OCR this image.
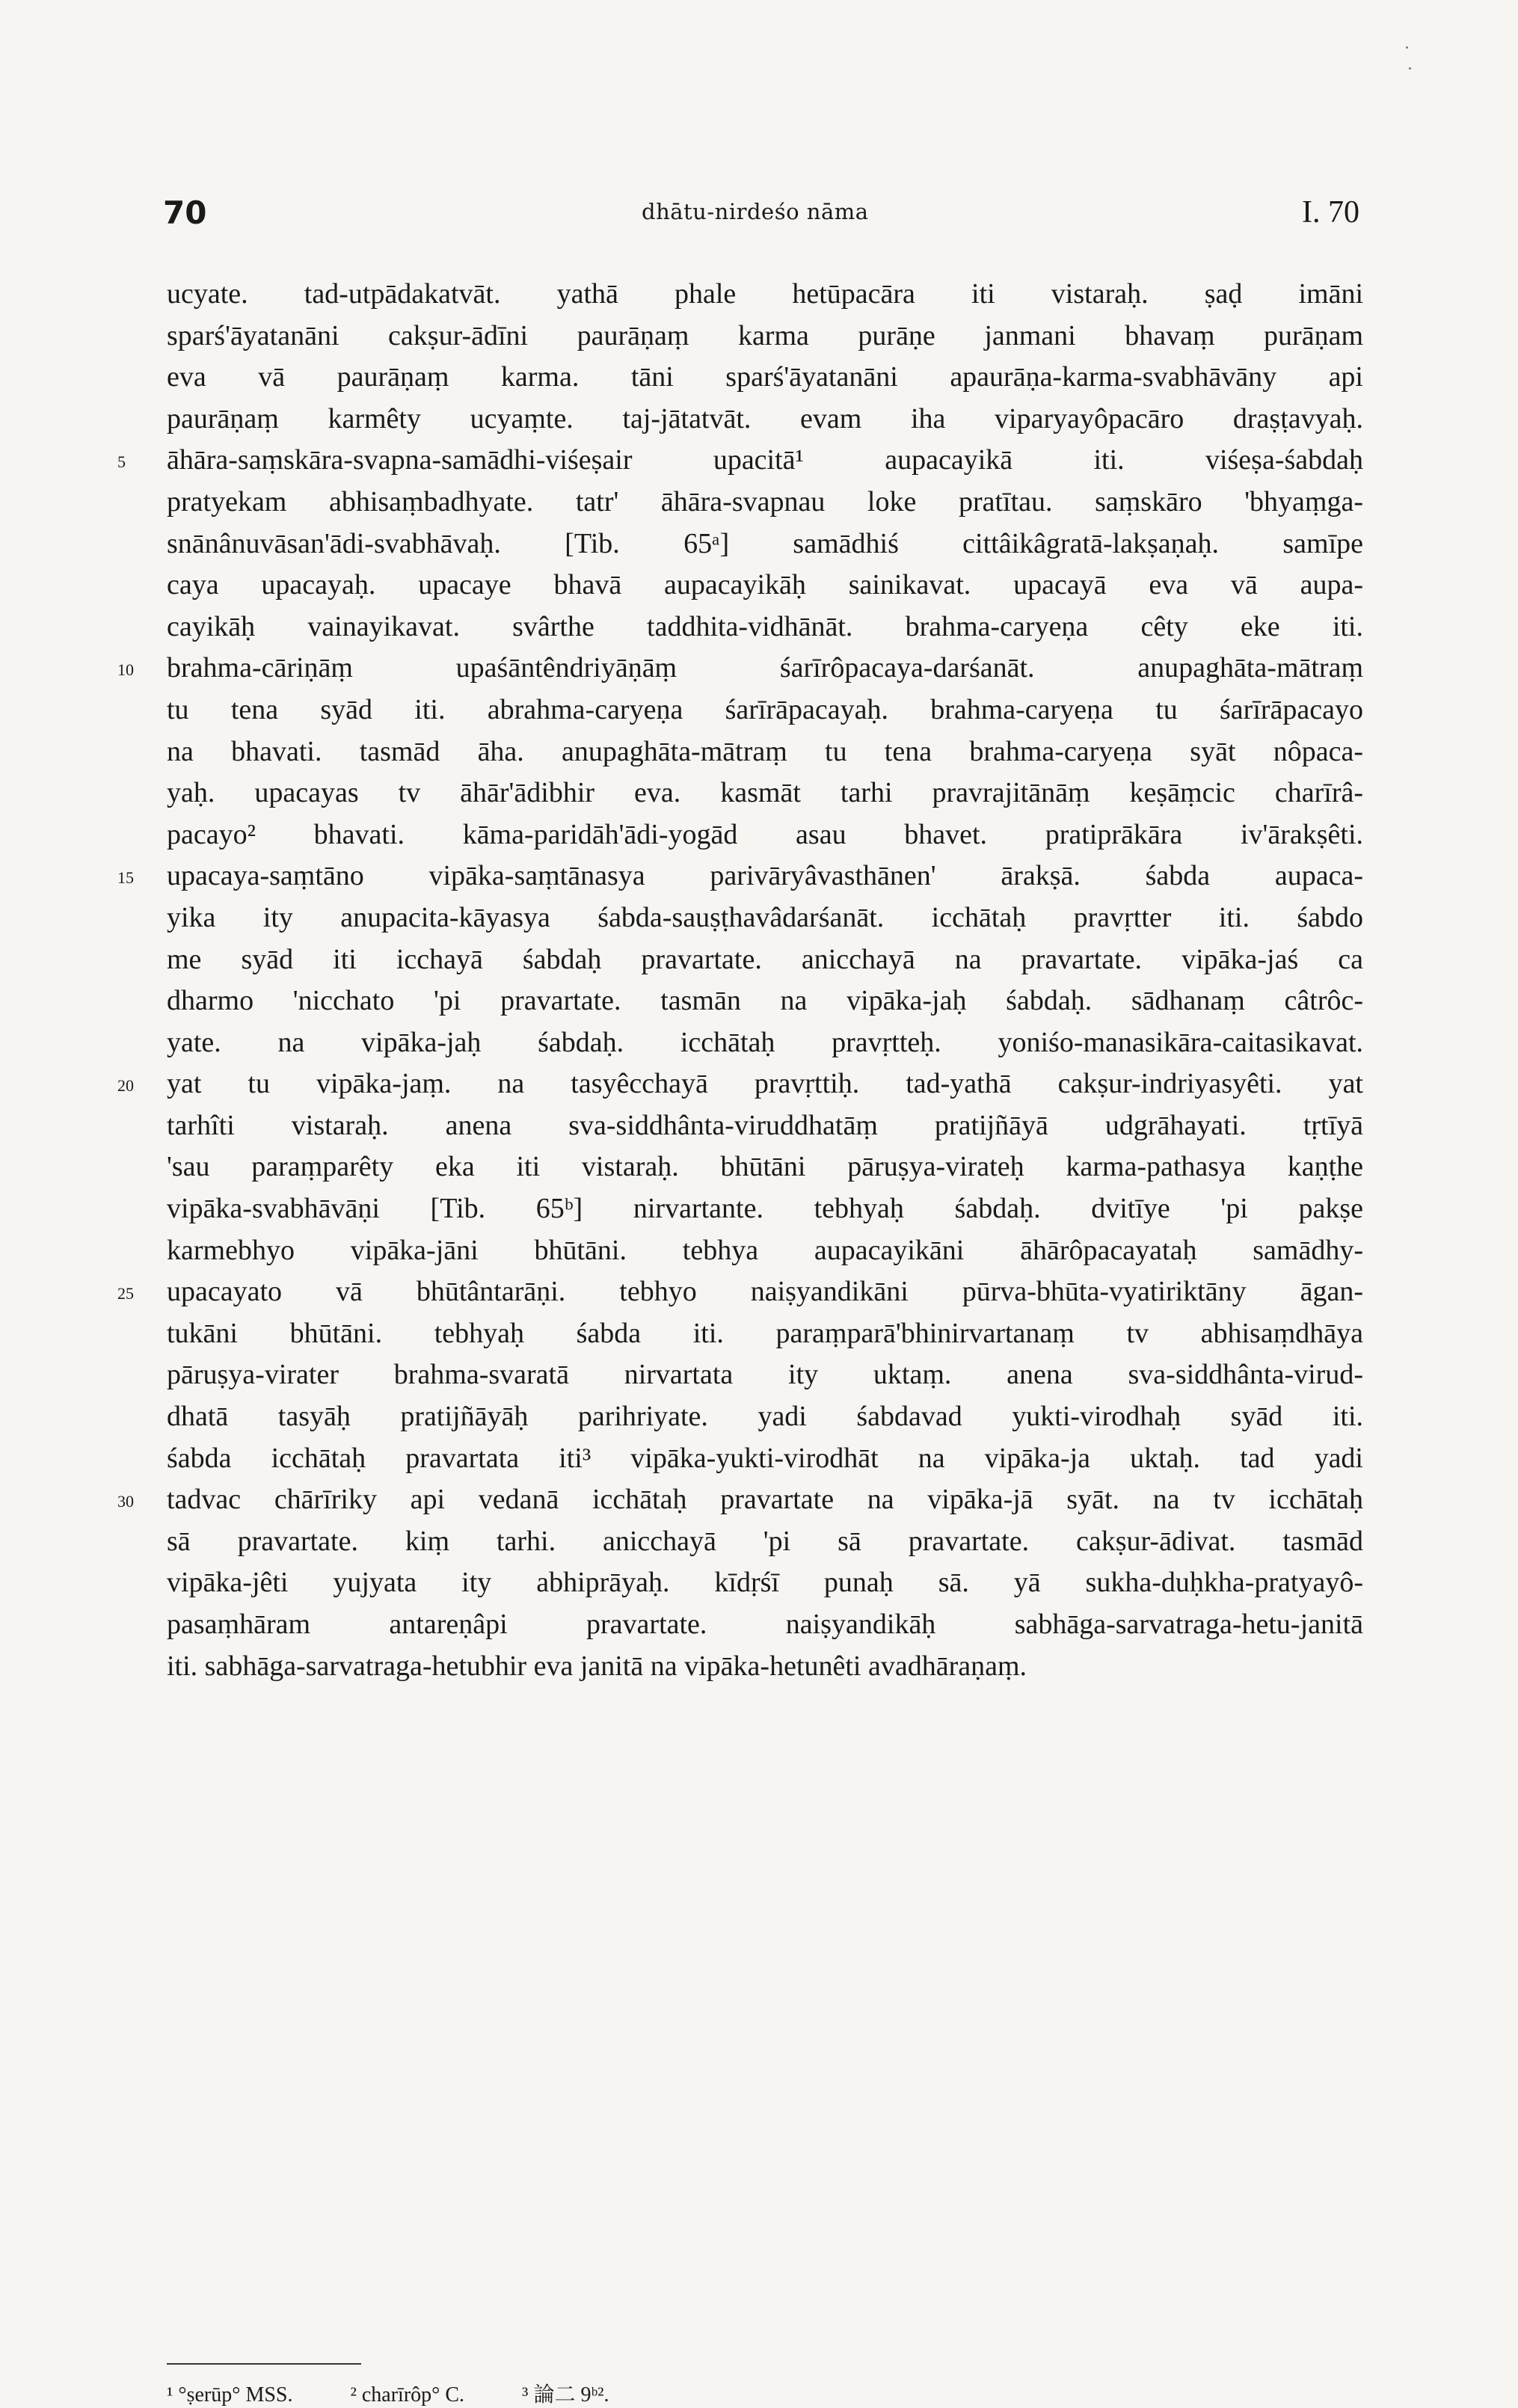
70	dhātu-nirdeśo nāma	I. 70
ucyate. tad-utpādakatvāt. yathā phale hetūpacāra iti vistaraḥ. ṣaḍ imāni
sparś'āyatanāni cakṣur-ādīni paurāṇaṃ karma purāṇe janmani bhavaṃ purāṇam
eva vā paurāṇaṃ karma. tāni sparś'āyatanāni apaurāṇa-karma-svabhāvāny api
paurāṇaṃ karmêty ucyaṃte. taj-jātatvāt. evam iha viparyayôpacāro draṣṭavyaḥ.
5	āhāra-saṃskāra-svapna-samādhi-viśeṣair upacitā¹ aupacayikā iti. viśeṣa-śabdaḥ
pratyekam abhisaṃbadhyate. tatr' āhāra-svapnau loke pratītau. saṃskāro 'bhyaṃga-
snānânuvāsan'ādi-svabhāvaḥ. [Tib. 65ᵃ] samādhiś cittâikâgratā-lakṣaṇaḥ. samīpe
caya upacayaḥ. upacaye bhavā aupacayikāḥ sainikavat. upacayā eva vā aupa-
cayikāḥ vainayikavat. svârthe taddhita-vidhānāt. brahma-caryeṇa cêty eke iti.
10	brahma-cāriṇāṃ upaśāntêndriyāṇāṃ śarīrôpacaya-darśanāt. anupaghāta-mātraṃ
tu tena syād iti. abrahma-caryeṇa śarīrāpacayaḥ. brahma-caryeṇa tu śarīrāpacayo
na bhavati. tasmād āha. anupaghāta-mātraṃ tu tena brahma-caryeṇa syāt nôpaca-
yaḥ. upacayas tv āhār'ādibhir eva. kasmāt tarhi pravrajitānāṃ keṣāṃcic charīrâ-
pacayo² bhavati. kāma-paridāh'ādi-yogād asau bhavet. pratiprākāra iv'ārakṣêti.
15	upacaya-saṃtāno vipāka-saṃtānasya parivāryâvasthānen' ārakṣā. śabda aupaca-
yika ity anupacita-kāyasya śabda-sauṣṭhavâdarśanāt. icchātaḥ pravṛtter iti. śabdo
me syād iti icchayā śabdaḥ pravartate. anicchayā na pravartate. vipāka-jaś ca
dharmo 'nicchato 'pi pravartate. tasmān na vipāka-jaḥ śabdaḥ. sādhanaṃ câtrôc-
yate. na vipāka-jaḥ śabdaḥ. icchātaḥ pravṛtteḥ. yoniśo-manasikāra-caitasikavat.
20	yat tu vipāka-jaṃ. na tasyêcchayā pravṛttiḥ. tad-yathā cakṣur-indriyasyêti. yat
tarhîti vistaraḥ. anena sva-siddhânta-viruddhatāṃ pratijñāyā udgrāhayati. tṛtīyā
'sau paraṃparêty eka iti vistaraḥ. bhūtāni pāruṣya-virateḥ karma-pathasya kaṇṭhe
vipāka-svabhāvāṇi [Tib. 65ᵇ] nirvartante. tebhyaḥ śabdaḥ. dvitīye 'pi pakṣe
karmebhyo vipāka-jāni bhūtāni. tebhya aupacayikāni āhārôpacayataḥ samādhy-
25	upacayato vā bhūtântarāṇi. tebhyo naiṣyandikāni pūrva-bhūta-vyatiriktāny āgan-
tukāni bhūtāni. tebhyaḥ śabda iti. paraṃparā'bhinirvartanaṃ tv abhisaṃdhāya
pāruṣya-virater brahma-svaratā nirvartata ity uktaṃ. anena sva-siddhânta-virud-
dhatā tasyāḥ pratijñāyāḥ parihriyate. yadi śabdavad yukti-virodhaḥ syād iti.
śabda icchātaḥ pravartata iti³ vipāka-yukti-virodhāt na vipāka-ja uktaḥ. tad yadi
30	tadvac chārīriky api vedanā icchātaḥ pravartate na vipāka-jā syāt. na tv icchātaḥ
sā pravartate. kiṃ tarhi. anicchayā 'pi sā pravartate. cakṣur-ādivat. tasmād
vipāka-jêti yujyata ity abhiprāyaḥ. kīdṛśī punaḥ sā. yā sukha-duḥkha-pratyayô-
pasaṃhāram antareṇâpi pravartate. naiṣyandikāḥ sabhāga-sarvatraga-hetu-janitā
iti. sabhāga-sarvatraga-hetubhir eva janitā na vipāka-hetunêti avadhāraṇaṃ.
¹ °ṣerūp° MSS.	² charīrôp° C.	³ 論二 9ᵇ².
